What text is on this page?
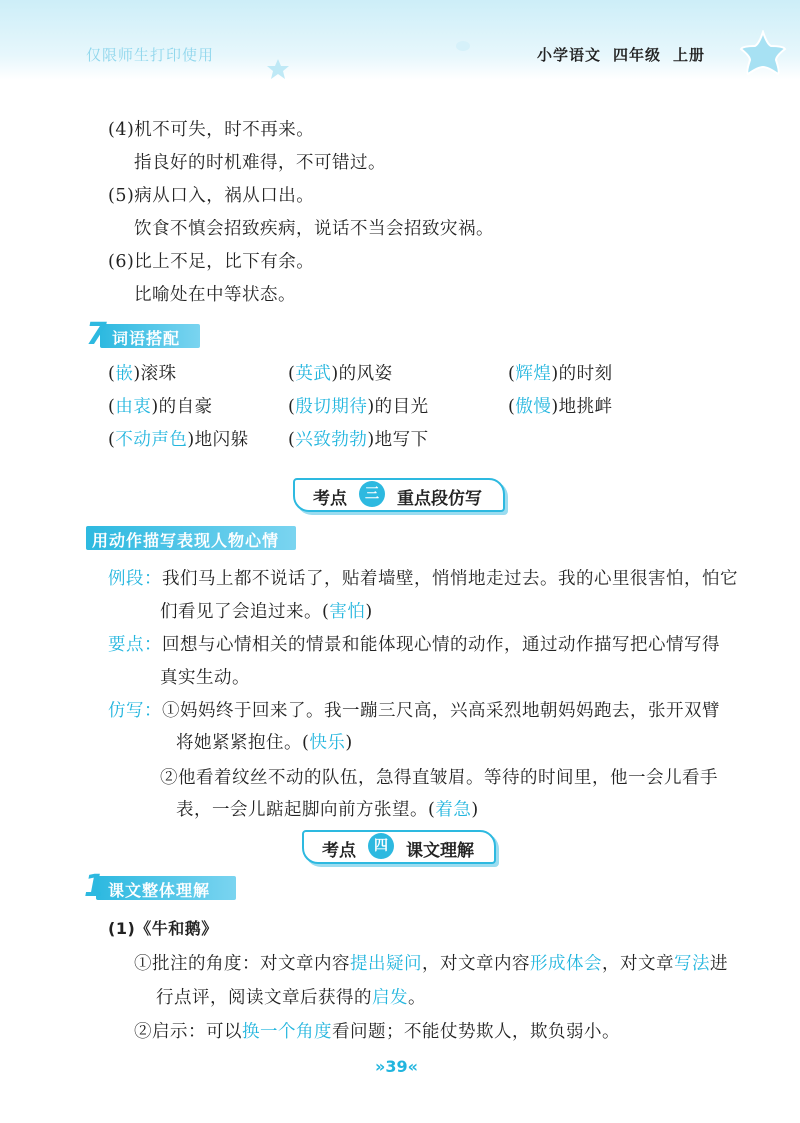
仅限师生打印使用	小学语文 四年级 上册
(4)机不可失，时不再来。
指良好的时机难得，不可错过。
(5)病从口入，祸从口出。
饮食不慎会招致疾病，说话不当会招致灾祸。
(6)比上不足，比下有余。
比喻处在中等状态。
7 词语搭配
(嵌)滚珠	(英武)的风姿	(辉煌)的时刻
(由衷)的自豪	(殷切期待)的目光	(傲慢)地挑衅
(不动声色)地闪躲 (兴致勃勃)地写下
考点	三	重点段仿写
用动作描写表现人物心情
例段：我们马上都不说话了，贴着墙壁，悄悄地走过去。我的心里很害怕，怕它
们看见了会追过来。(害怕)
要点：回想与心情相关的情景和能体现心情的动作，通过动作描写把心情写得
真实生动。
仿写：①妈妈终于回来了。我一蹦三尺高，兴高采烈地朝妈妈跑去，张开双臂
将她紧紧抱住。(快乐)
②他看着纹丝不动的队伍，急得直皱眉。等待的时间里，他一会儿看手
表，一会儿踮起脚向前方张望。(着急)
考点	四	课文理解
1 课文整体理解
(1)《牛和鹅》
①批注的角度：对文章内容提出疑问，对文章内容形成体会，对文章写法进
行点评，阅读文章后获得的启发。
②启示：可以换一个角度看问题；不能仗势欺人，欺负弱小。
»39«
